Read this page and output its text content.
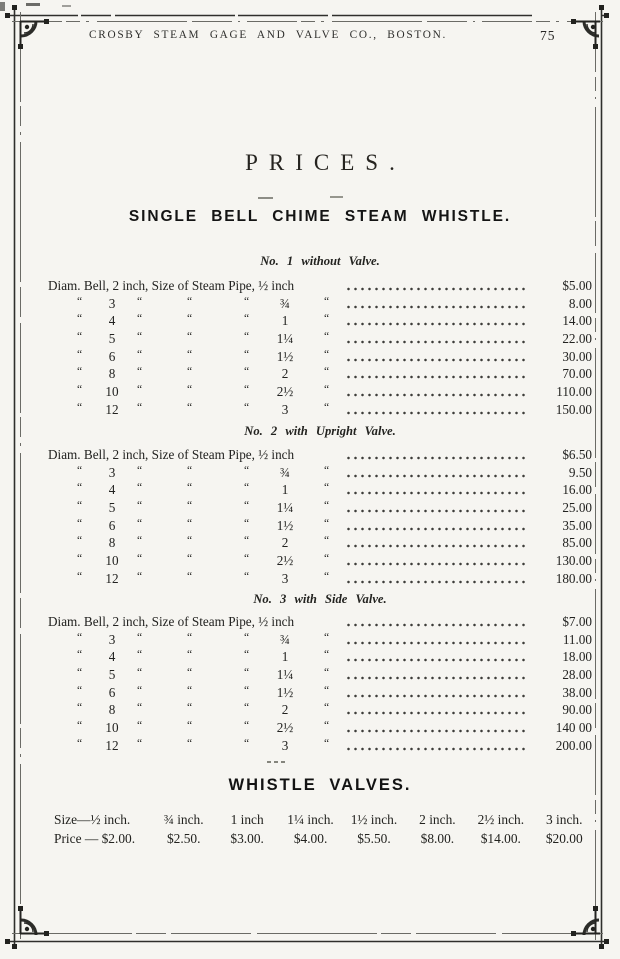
CROSBY STEAM GAGE AND VALVE CO., BOSTON.	75
PRICES.
SINGLE BELL CHIME STEAM WHISTLE.
No. 1 without Valve.
Diam. Bell, 2 inch, Size of Steam Pipe, ½ inch	$5.00
“	3	“	“	“	¾	“	8.00
“	4	“	“	“	1	“	14.00
“	5	“	“	“	1¼	“	22.00
“	6	“	“	“	1½	“	30.00
“	8	“	“	“	2	“	70.00
“	10	“	“	“	2½	“	110.00
“	12	“	“	“	3	“	150.00
No. 2 with Upright Valve.
Diam. Bell, 2 inch, Size of Steam Pipe, ½ inch	$6.50
“	3	“	“	“	¾	“	9.50
“	4	“	“	“	1	“	16.00
“	5	“	“	“	1¼	“	25.00
“	6	“	“	“	1½	“	35.00
“	8	“	“	“	2	“	85.00
“	10	“	“	“	2½	“	130.00
“	12	“	“	“	3	“	180.00
No. 3 with Side Valve.
Diam. Bell, 2 inch, Size of Steam Pipe, ½ inch	$7.00
“	3	“	“	“	¾	“	11.00
“	4	“	“	“	1	“	18.00
“	5	“	“	“	1¼	“	28.00
“	6	“	“	“	1½	“	38.00
“	8	“	“	“	2	“	90.00
“	10	“	“	“	2½	“	140 00
“	12	“	“	“	3	“	200.00
WHISTLE VALVES.
Size—½ inch.	¾ inch.	1 inch	1¼ inch.	1½ inch.	2 inch.	2½ inch.	3 inch.
Price — $2.00.	$2.50.	$3.00.	$4.00.	$5.50.	$8.00.	$14.00.	$20.00
